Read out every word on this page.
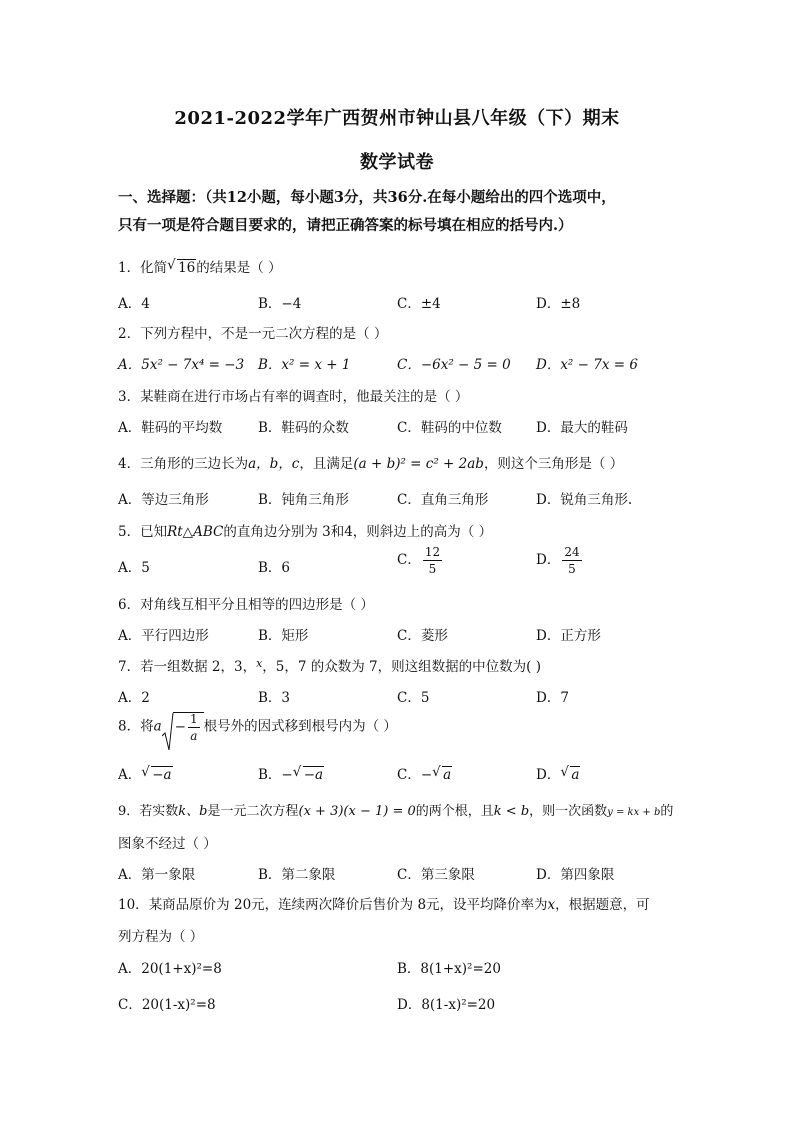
2021-2022学年广西贺州市钟山县八年级（下）期末
数学试卷
一、选择题：（共12小题，每小题3分，共36分.在每小题给出的四个选项中，
只有一项是符合题目要求的，请把正确答案的标号填在相应的括号内.）
1．化简 √ 16的结果是（ ）
A．4	B．−4	C．±4	D．±8
2．下列方程中，不是一元二次方程的是（ ）
A．5x² − 7x⁴ = −3 B．x² = x + 1	C．−6x² − 5 = 0 D．x² − 7x = 6
3．某鞋商在进行市场占有率的调查时，他最关注的是（ ）
A．鞋码的平均数	B．鞋码的众数	C．鞋码的中位数	D．最大的鞋码
4．三角形的三边长为a，b，c，且满足(a + b)² = c² + 2ab，则这个三角形是（ ）
A．等边三角形	B．钝角三角形	C．直角三角形	D．锐角三角形.
5．已知Rt△ABC的直角边分别为 3和4，则斜边上的高为（ ）
A．5	B．6	C． $\frac{12}{5}$	D． $\frac{24}{5}$
6．对角线互相平分且相等的四边形是（ ）
A．平行四边形	B．矩形	C．菱形	D．正方形
7．若一组数据 2，3，$^x$，5，7 的众数为 7，则这组数据的中位数为( )
A．2	B．3	C．5	D．7
8．将$a - \frac{1}{a}$ 根号外的因式移到根号内为（ ）
A． √ −a	B．− √ −a	C．− √ a	D． √ a
9．若实数k、b是一元二次方程(x + 3)(x − 1) = 0的两个根，且k < b，则一次函数y = kx + b的
图象不经过（ ）
A．第一象限	B．第二象限	C．第三象限	D．第四象限
10．某商品原价为 20元，连续两次降价后售价为 8元，设平均降价率为x，根据题意，可
列方程为（ ）
A．20(1+x)²=8	B．8(1+x)²=20
C．20(1-x)²=8	D．8(1-x)²=20
